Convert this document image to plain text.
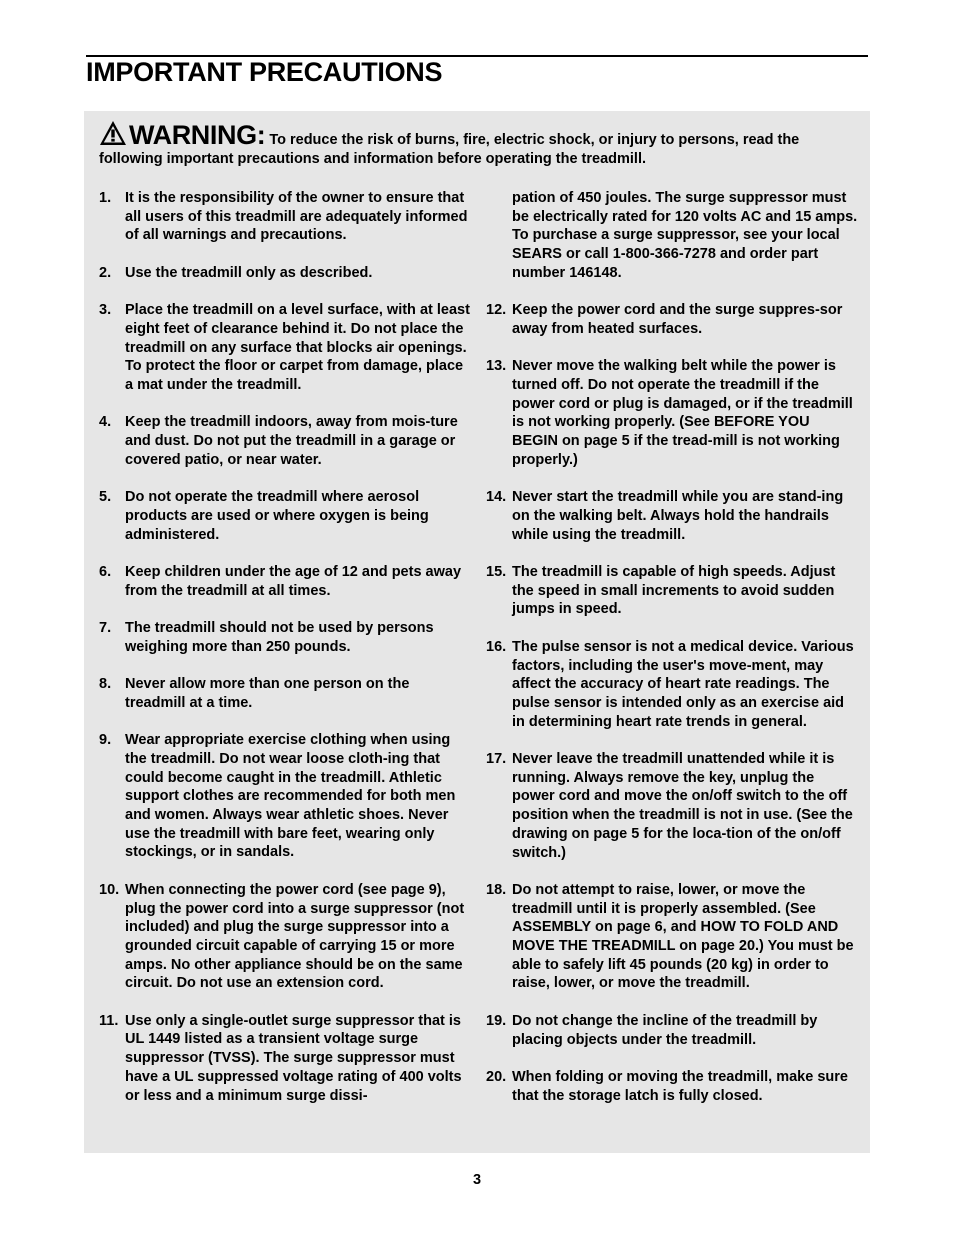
IMPORTANT PRECAUTIONS
WARNING: To reduce the risk of burns, fire, electric shock, or injury to persons, read the following important precautions and information before operating the treadmill.
1. It is the responsibility of the owner to ensure that all users of this treadmill are adequately informed of all warnings and precautions.
2. Use the treadmill only as described.
3. Place the treadmill on a level surface, with at least eight feet of clearance behind it. Do not place the treadmill on any surface that blocks air openings. To protect the floor or carpet from damage, place a mat under the treadmill.
4. Keep the treadmill indoors, away from mois-ture and dust. Do not put the treadmill in a garage or covered patio, or near water.
5. Do not operate the treadmill where aerosol products are used or where oxygen is being administered.
6. Keep children under the age of 12 and pets away from the treadmill at all times.
7. The treadmill should not be used by persons weighing more than 250 pounds.
8. Never allow more than one person on the treadmill at a time.
9. Wear appropriate exercise clothing when using the treadmill. Do not wear loose cloth-ing that could become caught in the treadmill. Athletic support clothes are recommended for both men and women. Always wear athletic shoes. Never use the treadmill with bare feet, wearing only stockings, or in sandals.
10. When connecting the power cord (see page 9), plug the power cord into a surge suppressor (not included) and plug the surge suppressor into a grounded circuit capable of carrying 15 or more amps. No other appliance should be on the same circuit. Do not use an extension cord.
11. Use only a single-outlet surge suppressor that is UL 1449 listed as a transient voltage surge suppressor (TVSS). The surge suppressor must have a UL suppressed voltage rating of 400 volts or less and a minimum surge dissi-
pation of 450 joules. The surge suppressor must be electrically rated for 120 volts AC and 15 amps. To purchase a surge suppressor, see your local SEARS or call 1-800-366-7278 and order part number 146148.
12. Keep the power cord and the surge suppres-sor away from heated surfaces.
13. Never move the walking belt while the power is turned off. Do not operate the treadmill if the power cord or plug is damaged, or if the treadmill is not working properly. (See BEFORE YOU BEGIN on page 5 if the tread-mill is not working properly.)
14. Never start the treadmill while you are stand-ing on the walking belt. Always hold the handrails while using the treadmill.
15. The treadmill is capable of high speeds. Adjust the speed in small increments to avoid sudden jumps in speed.
16. The pulse sensor is not a medical device. Various factors, including the user's move-ment, may affect the accuracy of heart rate readings. The pulse sensor is intended only as an exercise aid in determining heart rate trends in general.
17. Never leave the treadmill unattended while it is running. Always remove the key, unplug the power cord and move the on/off switch to the off position when the treadmill is not in use. (See the drawing on page 5 for the loca-tion of the on/off switch.)
18. Do not attempt to raise, lower, or move the treadmill until it is properly assembled. (See ASSEMBLY on page 6, and HOW TO FOLD AND MOVE THE TREADMILL on page 20.) You must be able to safely lift 45 pounds (20 kg) in order to raise, lower, or move the treadmill.
19. Do not change the incline of the treadmill by placing objects under the treadmill.
20. When folding or moving the treadmill, make sure that the storage latch is fully closed.
3
